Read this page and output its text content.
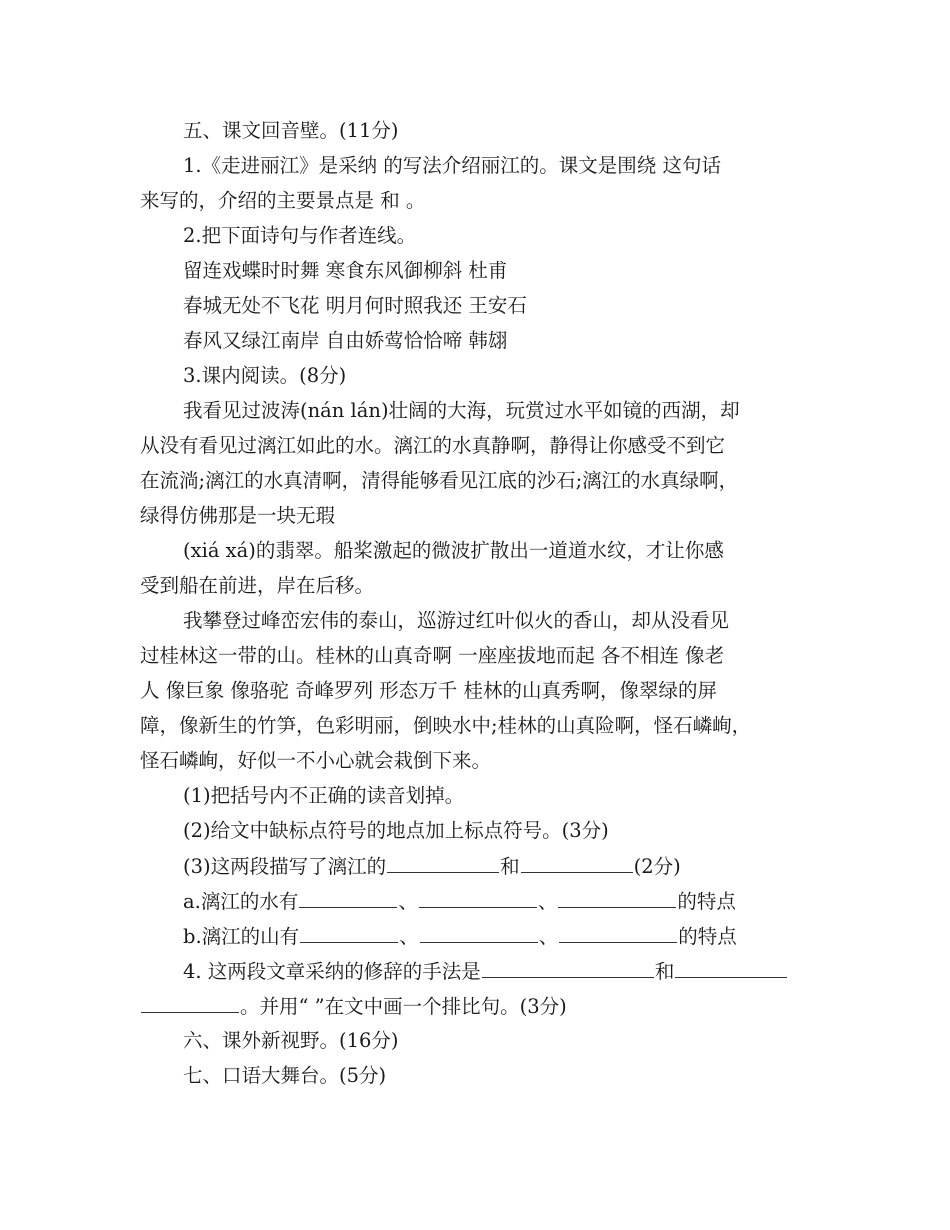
五、课文回音壁。(11分)
1.《走进丽江》是采纳 的写法介绍丽江的。课文是围绕 这句话
来写的，介绍的主要景点是 和 。
2.把下面诗句与作者连线。
留连戏蝶时时舞 寒食东风御柳斜 杜甫
春城无处不飞花 明月何时照我还 王安石
春风又绿江南岸 自由娇莺恰恰啼 韩翃
3.课内阅读。(8分)
我看见过波涛(nán lán)壮阔的大海，玩赏过水平如镜的西湖，却
从没有看见过漓江如此的水。漓江的水真静啊，静得让你感受不到它
在流淌;漓江的水真清啊，清得能够看见江底的沙石;漓江的水真绿啊，
绿得仿佛那是一块无瑕
(xiá xá)的翡翠。船桨激起的微波扩散出一道道水纹，才让你感
受到船在前进，岸在后移。
我攀登过峰峦宏伟的泰山，巡游过红叶似火的香山，却从没看见
过桂林这一带的山。桂林的山真奇啊 一座座拔地而起 各不相连 像老
人 像巨象 像骆驼 奇峰罗列 形态万千 桂林的山真秀啊，像翠绿的屏
障，像新生的竹笋，色彩明丽，倒映水中;桂林的山真险啊，怪石嶙峋，
怪石嶙峋，好似一不小心就会栽倒下来。
(1)把括号内不正确的读音划掉。
(2)给文中缺标点符号的地点加上标点符号。(3分)
(3)这两段描写了漓江的	和	(2分)
a.漓江的水有	、	、	的特点
b.漓江的山有	、	、	的特点
4. 这两段文章采纳的修辞的手法是	和
。并用“ ”在文中画一个排比句。(3分)
六、课外新视野。(16分)
七、口语大舞台。(5分)
